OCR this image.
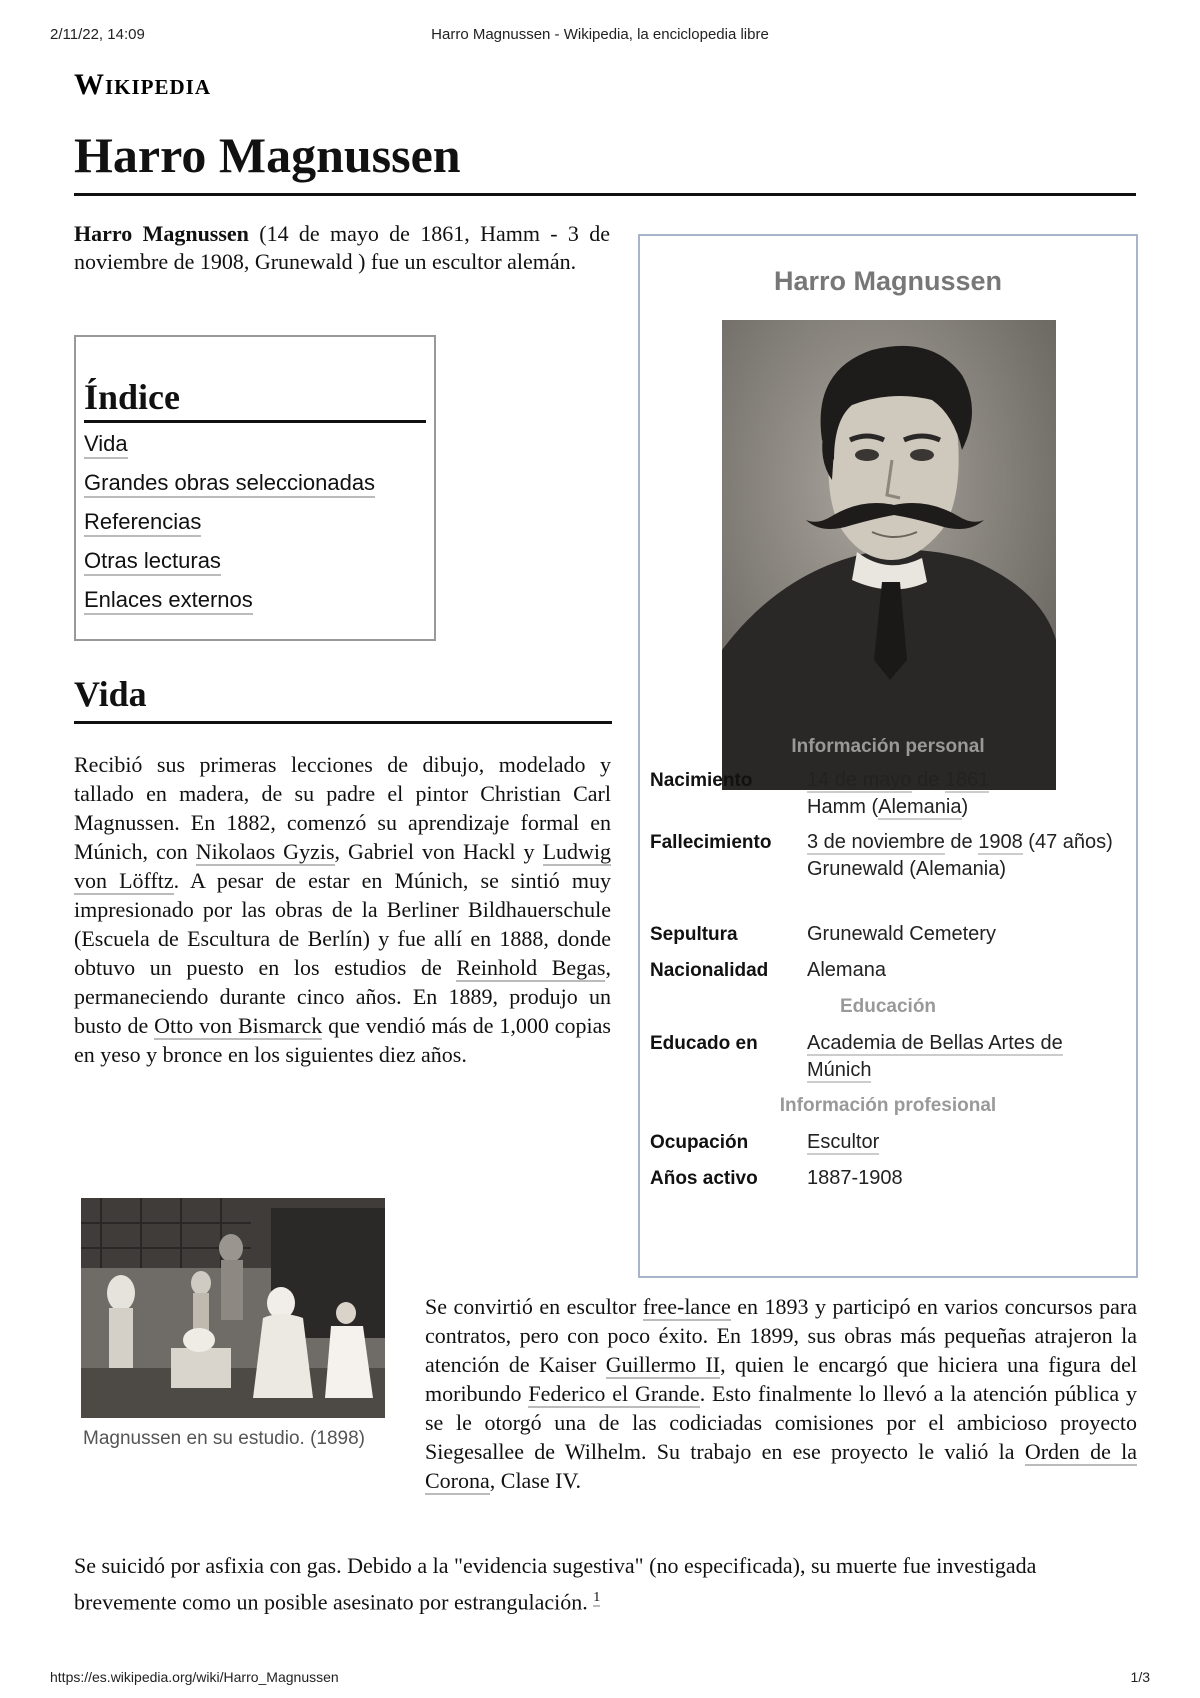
2/11/22, 14:09	Harro Magnussen - Wikipedia, la enciclopedia libre
Wikipedia
Harro Magnussen

Harro Magnussen (14 de mayo de 1861, Hamm - 3 de noviembre de 1908, Grunewald ) fue un escultor alemán.

Índice
Vida
Grandes obras seleccionadas
Referencias
Otras lecturas
Enlaces externos
Vida

Recibió sus primeras lecciones de dibujo, modelado y tallado en madera, de su padre el pintor Christian Carl Magnussen. En 1882, comenzó su aprendizaje formal en Múnich, con Nikolaos Gyzis, Gabriel von Hackl y Ludwig von Löfftz. A pesar de estar en Múnich, se sintió muy impresionado por las obras de la Berliner Bildhauerschule (Escuela de Escultura de Berlín) y fue allí en 1888, donde obtuvo un puesto en los estudios de Reinhold Begas, permaneciendo durante cinco años. En 1889, produjo un busto de Otto von Bismarck que vendió más de 1,000 copias en yeso y bronce en los siguientes diez años.

Harro Magnussen
Información personal
Nacimiento	14 de mayo de 1861
Hamm (Alemania)
Fallecimiento 3 de noviembre de 1908 (47 años)
Grunewald (Alemania)
Sepultura	Grunewald Cemetery
Nacionalidad Alemana
Educación
Educado en Academia de Bellas Artes de Múnich
Información profesional
Ocupación	Escultor
Años activo 1887-1908
Magnussen en su estudio. (1898)

Se convirtió en escultor free-lance en 1893 y participó en varios concursos para contratos, pero con poco éxito. En 1899, sus obras más pequeñas atrajeron la atención de Kaiser Guillermo II, quien le encargó que hiciera una figura del moribundo Federico el Grande. Esto finalmente lo llevó a la atención pública y se le otorgó una de las codiciadas comisiones por el ambicioso proyecto Siegesallee de Wilhelm. Su trabajo en ese proyecto le valió la Orden de la Corona, Clase IV.

Se suicidó por asfixia con gas. Debido a la "evidencia sugestiva" (no especificada), su muerte fue investigada brevemente como un posible asesinato por estrangulación. $^1$

https://es.wikipedia.org/wiki/Harro_Magnussen	1/3
